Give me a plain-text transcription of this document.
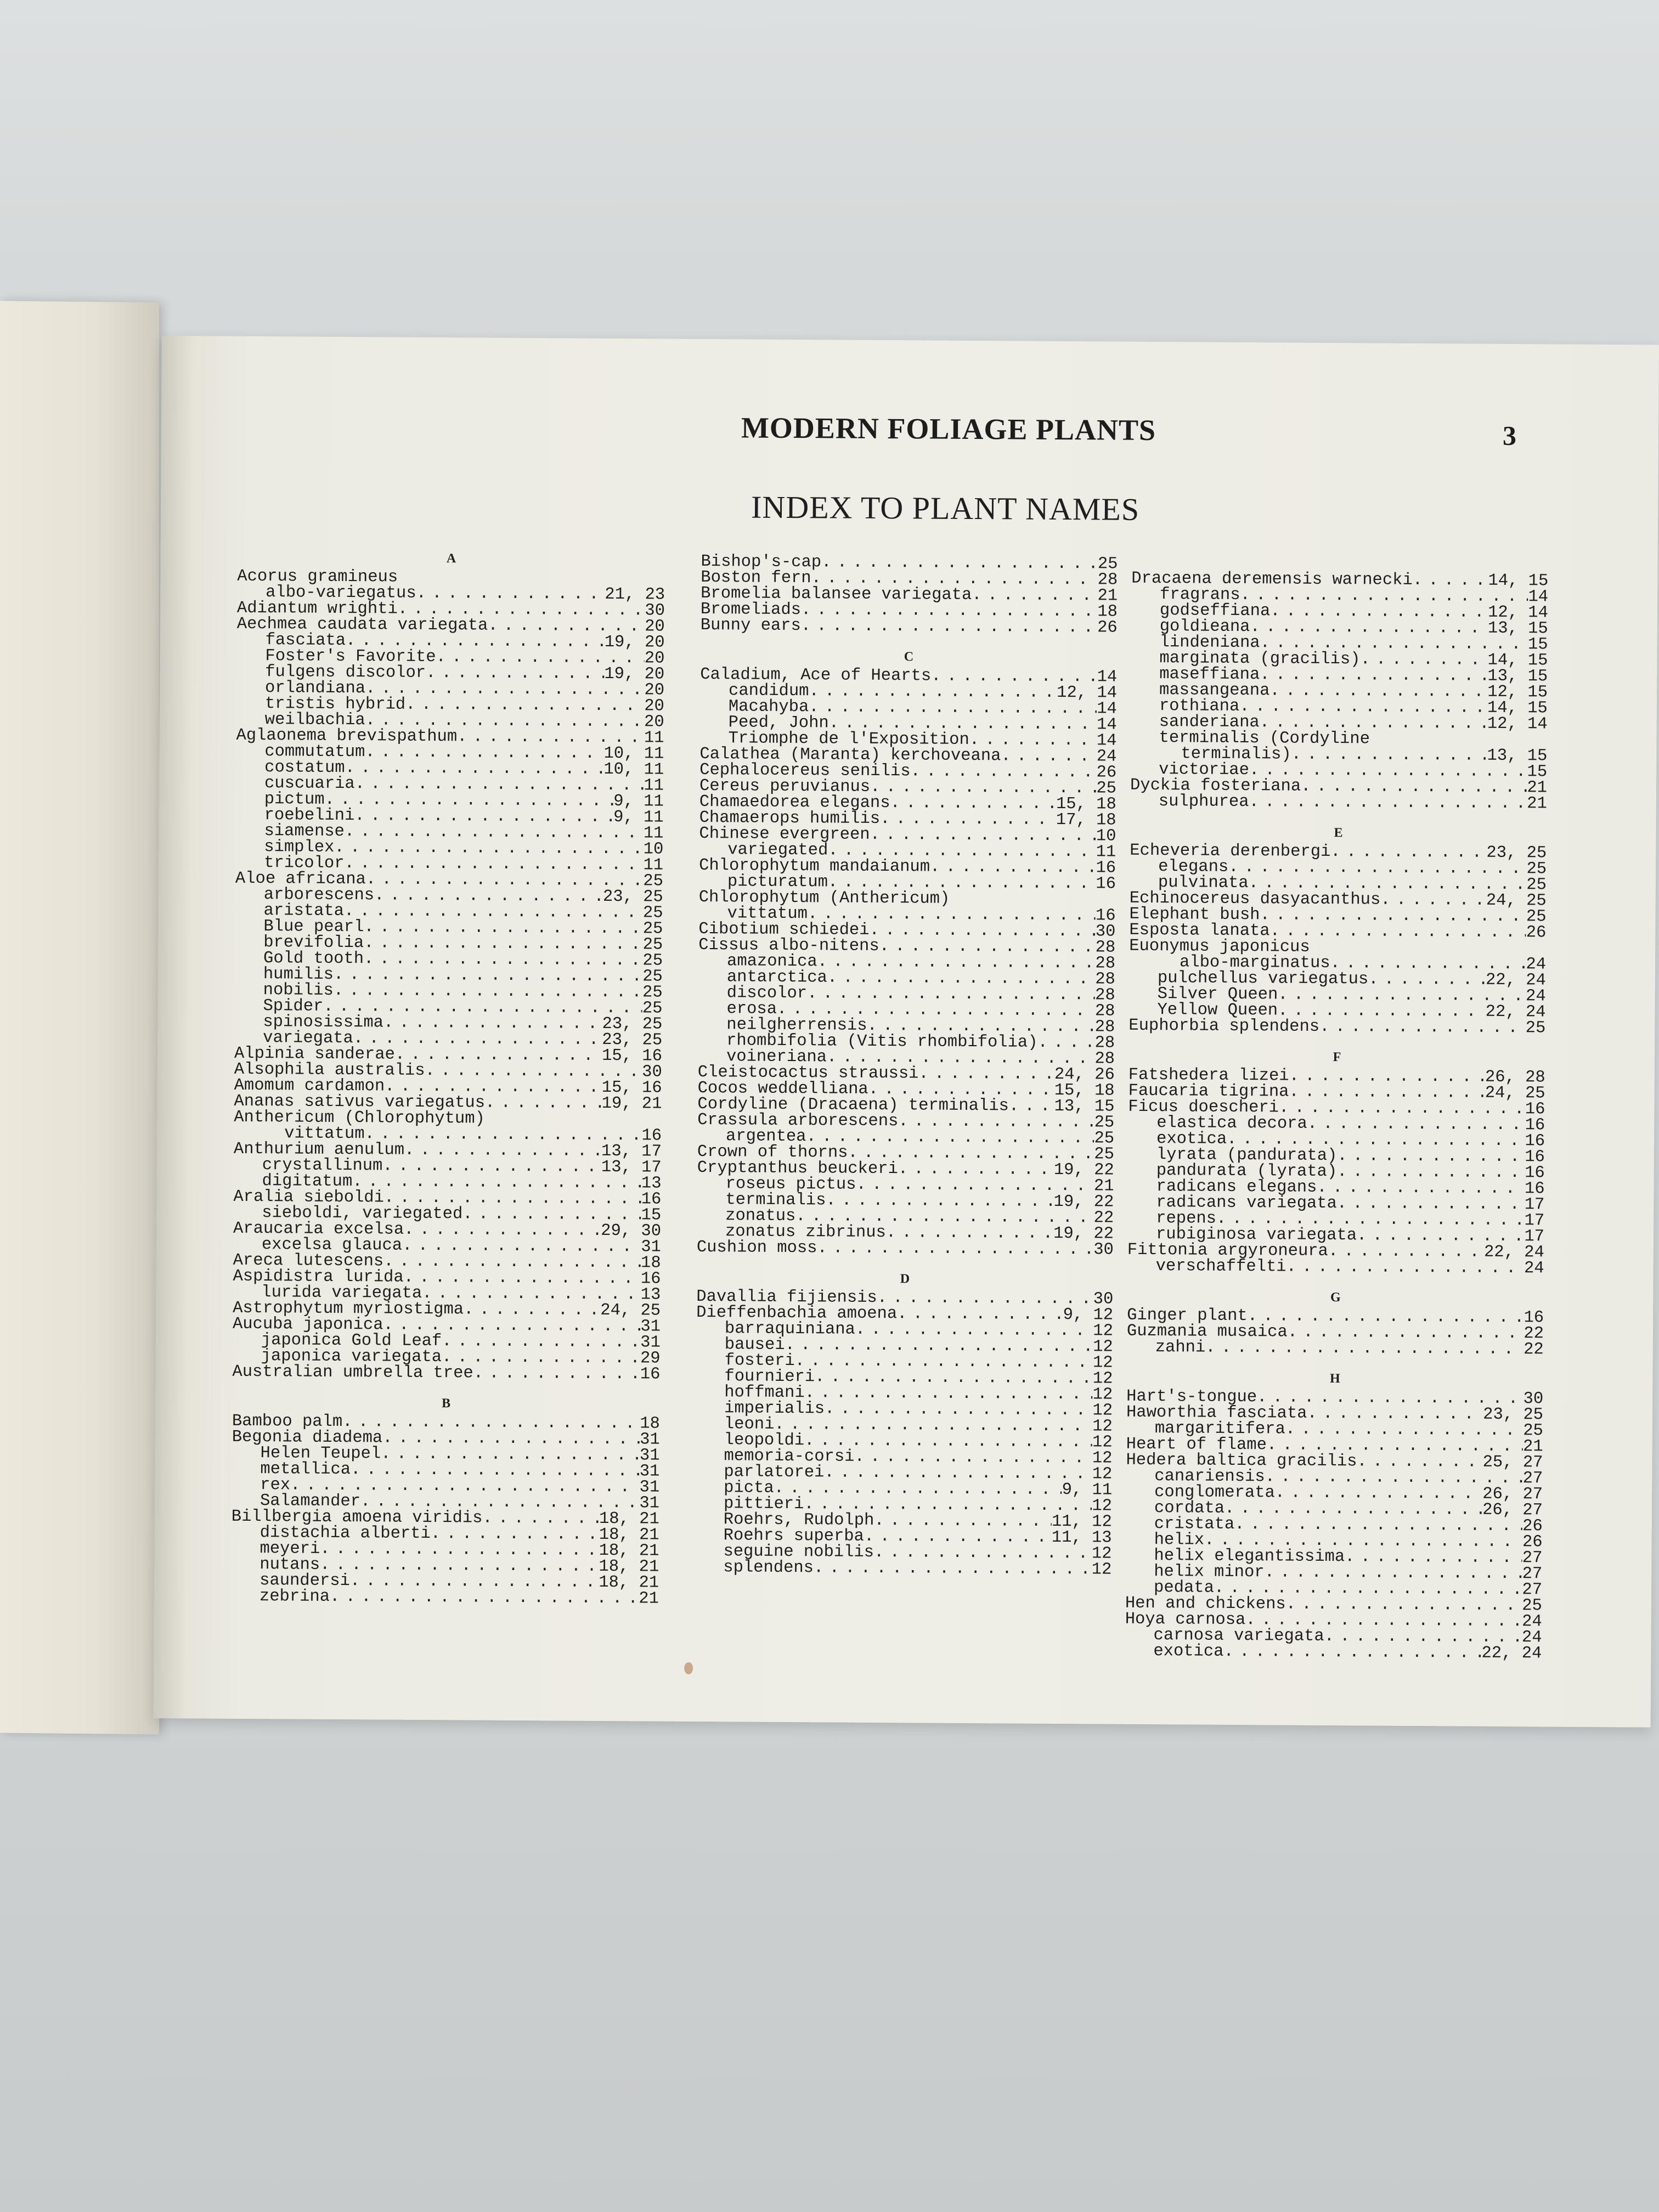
MODERN FOLIAGE PLANTS	3
INDEX TO PLANT NAMES
A
Acorus gramineus
albo-variegatus . . .	21, 23
Adiantum wrighti . . .	30
Aechmea caudata variegata . . .	20
fasciata . . .	19, 20
Foster's Favorite . . .	20
fulgens discolor . . .	19, 20
orlandiana . . .	20
tristis hybrid . . .	20
weilbachia . . .	20
Aglaonema brevispathum . . .	11
commutatum . . .	10, 11
costatum . . .	10, 11
cuscuaria . . .	11
pictum . . .	9, 11
roebelini . . .	9, 11
siamense . . .	11
simplex . . .	10
tricolor . . .	11
Aloe africana . . .	25
arborescens . . .	23, 25
aristata . . .	25
Blue pearl . . .	25
brevifolia . . .	25
Gold tooth . . .	25
humilis . . .	25
nobilis . . .	25
Spider . . .	25
spinosissima . . .	23, 25
variegata . . .	23, 25
Alpinia sanderae . . .	15, 16
Alsophila australis . . .	30
Amomum cardamon . . .	15, 16
Ananas sativus variegatus . . .	19, 21
Anthericum (Chlorophytum)
vittatum . . .	16
Anthurium aenulum . . .	13, 17
crystallinum . . .	13, 17
digitatum . . .	13
Aralia sieboldi . . .	16
sieboldi, variegated . . .	15
Araucaria excelsa . . .	29, 30
excelsa glauca . . .	31
Areca lutescens . . .	18
Aspidistra lurida . . .	16
lurida variegata . . .	13
Astrophytum myriostigma . . .	24, 25
Aucuba japonica . . .	31
japonica Gold Leaf . . .	31
japonica variegata . . .	29
Australian umbrella tree . . .	16
B
Bamboo palm . . .	18
Begonia diadema . . .	31
Helen Teupel . . .	31
metallica . . .	31
rex . . .	31
Salamander . . .	31
Billbergia amoena viridis . . .	18, 21
distachia alberti . . .	18, 21
meyeri . . .	18, 21
nutans . . .	18, 21
saundersi . . .	18, 21
zebrina . . .	21
Bishop's-cap . . .	25
Boston fern . . .	28
Bromelia balansee variegata . . .	21
Bromeliads . . .	18
Bunny ears . . .	26
C
Caladium, Ace of Hearts . . .	14
candidum . . .	12, 14
Macahyba . . .	14
Peed, John . . .	14
Triomphe de l'Exposition . . .	14
Calathea (Maranta) kerchoveana . . .	24
Cephalocereus senilis . . .	26
Cereus peruvianus . . .	25
Chamaedorea elegans . . .	15, 18
Chamaerops humilis . . .	17, 18
Chinese evergreen . . .	10
variegated . . .	11
Chlorophytum mandaianum . . .	16
picturatum . . .	16
Chlorophytum (Anthericum)
vittatum . . .	16
Cibotium schiedei . . .	30
Cissus albo-nitens . . .	28
amazonica . . .	28
antarctica . . .	28
discolor . . .	28
erosa . . .	28
neilgherrensis . . .	28
rhombifolia (Vitis rhombifolia) . . .	28
voineriana . . .	28
Cleistocactus straussi . . .	24, 26
Cocos weddelliana . . .	15, 18
Cordyline (Dracaena) terminalis . . .	13, 15
Crassula arborescens . . .	25
argentea . . .	25
Crown of thorns . . .	25
Cryptanthus beuckeri . . .	19, 22
roseus pictus . . .	21
terminalis . . .	19, 22
zonatus . . .	22
zonatus zibrinus . . .	19, 22
Cushion moss . . .	30
D
Davallia fijiensis . . .	30
Dieffenbachia amoena . . .	9, 12
barraquiniana . . .	12
bausei . . .	12
fosteri . . .	12
fournieri . . .	12
hoffmani . . .	12
imperialis . . .	12
leoni . . .	12
leopoldi . . .	12
memoria-corsi . . .	12
parlatorei . . .	12
picta . . .	9, 11
pittieri . . .	12
Roehrs, Rudolph . . .	11, 12
Roehrs superba . . .	11, 13
seguine nobilis . . .	12
splendens . . .	12
Dracaena deremensis warnecki . . .	14, 15
fragrans . . .	14
godseffiana . . .	12, 14
goldieana . . .	13, 15
lindeniana . . .	15
marginata (gracilis) . . .	14, 15
maseffiana . . .	13, 15
massangeana . . .	12, 15
rothiana . . .	14, 15
sanderiana . . .	12, 14
terminalis (Cordyline
terminalis) . . .	13, 15
victoriae . . .	15
Dyckia fosteriana . . .	21
sulphurea . . .	21
E
Echeveria derenbergi . . .	23, 25
elegans . . .	25
pulvinata . . .	25
Echinocereus dasyacanthus . . .	24, 25
Elephant bush . . .	25
Esposta lanata . . .	26
Euonymus japonicus
albo-marginatus . . .	24
pulchellus variegatus . . .	22, 24
Silver Queen . . .	24
Yellow Queen . . .	22, 24
Euphorbia splendens . . .	25
F
Fatshedera lizei . . .	26, 28
Faucaria tigrina . . .	24, 25
Ficus doescheri . . .	16
elastica decora . . .	16
exotica . . .	16
lyrata (pandurata) . . .	16
pandurata (lyrata) . . .	16
radicans elegans . . .	16
radicans variegata . . .	17
repens . . .	17
rubiginosa variegata . . .	17
Fittonia argyroneura . . .	22, 24
verschaffelti . . .	24
G
Ginger plant . . .	16
Guzmania musaica . . .	22
zahni . . .	22
H
Hart's-tongue . . .	30
Haworthia fasciata . . .	23, 25
margaritifera . . .	25
Heart of flame . . .	21
Hedera baltica gracilis . . .	25, 27
canariensis . . .	27
conglomerata . . .	26, 27
cordata . . .	26, 27
cristata . . .	26
helix . . .	26
helix elegantissima . . .	27
helix minor . . .	27
pedata . . .	27
Hen and chickens . . .	25
Hoya carnosa . . .	24
carnosa variegata . . .	24
exotica . . .	22, 24
